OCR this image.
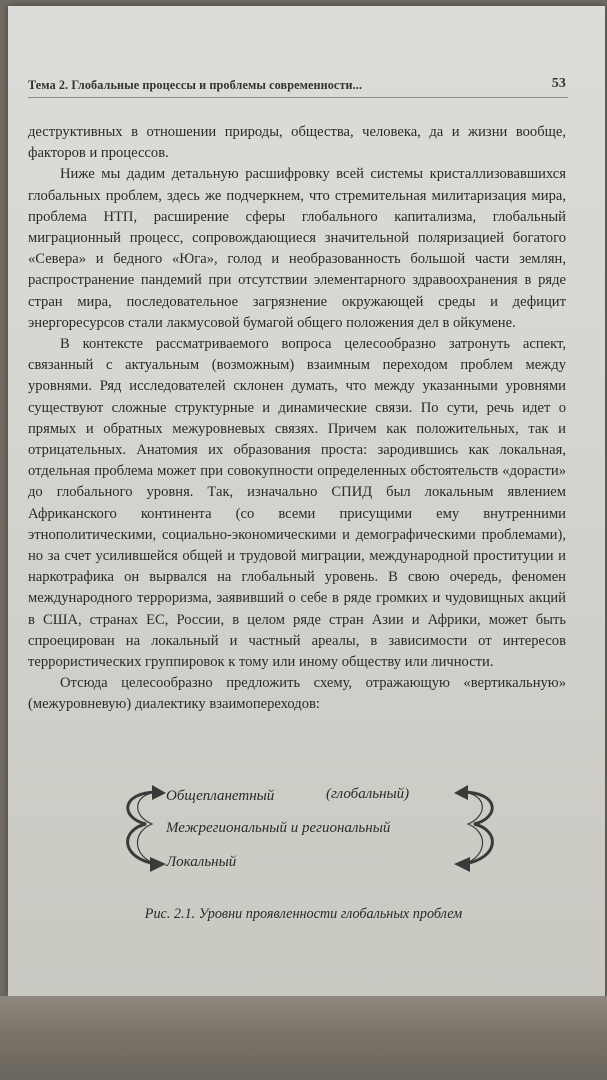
Тема 2. Глобальные процессы и проблемы современности...	53

деструктивных в отношении природы, общества, человека, да и жизни вообще, факторов и процессов.

Ниже мы дадим детальную расшифровку всей системы кристаллизовавшихся глобальных проблем, здесь же подчеркнем, что стремительная милитаризация мира, проблема НТП, расширение сферы глобального капитализма, глобальный миграционный процесс, сопровождающиеся значительной поляризацией богатого «Севера» и бедного «Юга», голод и необразованность большой части землян, распространение пандемий при отсутствии элементарного здравоохранения в ряде стран мира, последовательное загрязнение окружающей среды и дефицит энергоресурсов стали лакмусовой бумагой общего положения дел в ойкумене.

В контексте рассматриваемого вопроса целесообразно затронуть аспект, связанный с актуальным (возможным) взаимным переходом проблем между уровнями. Ряд исследователей склонен думать, что между указанными уровнями существуют сложные структурные и динамические связи. По сути, речь идет о прямых и обратных межуровневых связях. Причем как положительных, так и отрицательных. Анатомия их образования проста: зародившись как локальная, отдельная проблема может при совокупности определенных обстоятельств «дорасти» до глобального уровня. Так, изначально СПИД был локальным явлением Африканского континента (со всеми присущими ему внутренними этнополитическими, социально-экономическими и демографическими проблемами), но за счет усилившейся общей и трудовой миграции, международной проституции и наркотрафика он вырвался на глобальный уровень. В свою очередь, феномен международного терроризма, заявивший о себе в ряде громких и чудовищных акций в США, странах ЕС, России, в целом ряде стран Азии и Африки, может быть спроецирован на локальный и частный ареалы, в зависимости от интересов террористических группировок к тому или иному обществу или личности.

Отсюда целесообразно предложить схему, отражающую «вертикальную» (межуровневую) диалектику взаимопереходов:

Общепланетный	(глобальный)
Межрегиональный и региональный
Локальный
Рис. 2.1. Уровни проявленности глобальных проблем
